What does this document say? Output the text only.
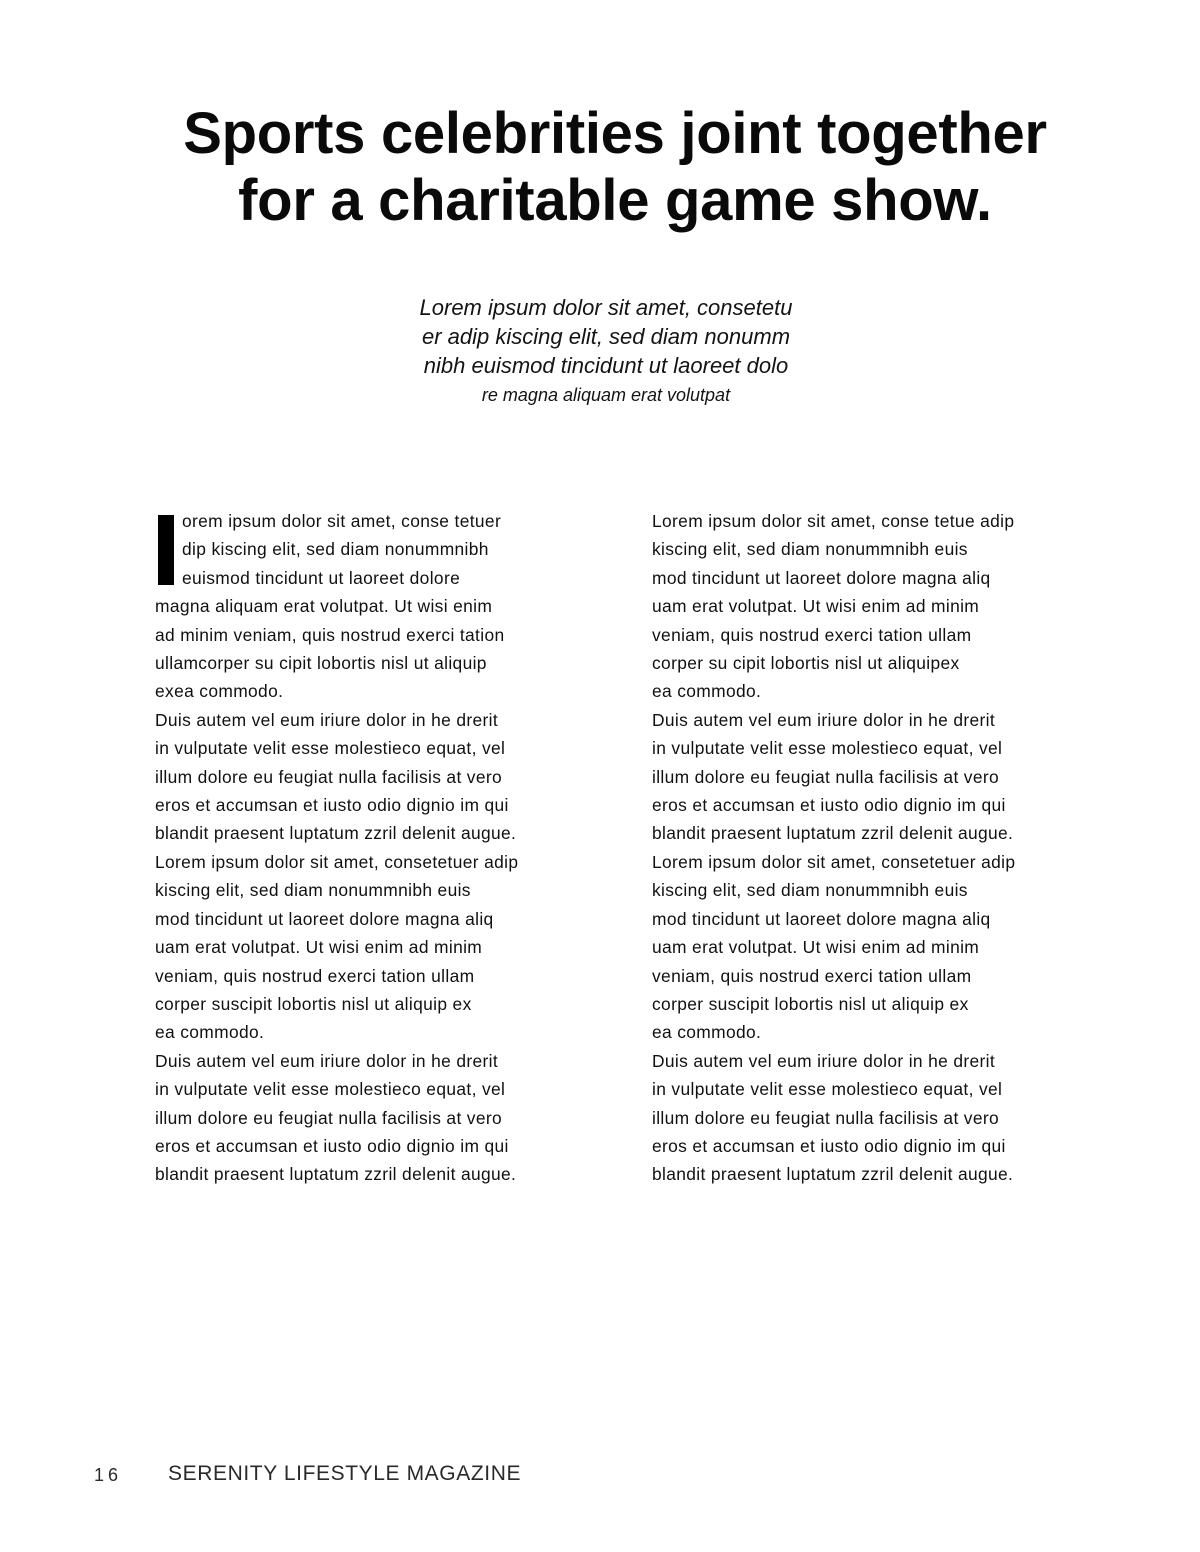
Sports celebrities joint together
for a charitable game show.
Lorem ipsum dolor sit amet, consetetu
er adip kiscing elit, sed diam nonumm
nibh euismod tincidunt ut laoreet dolo
re magna aliquam erat volutpat
orem ipsum dolor sit amet, conse tetuer
dip kiscing elit, sed diam nonummnibh
euismod tincidunt ut laoreet dolore
magna aliquam erat volutpat. Ut wisi enim
ad minim veniam, quis nostrud exerci tation
ullamcorper su cipit lobortis nisl ut aliquip
exea commodo.
Duis autem vel eum iriure dolor in he drerit
in vulputate velit esse molestieco equat, vel
illum dolore eu feugiat nulla facilisis at vero
eros et accumsan et iusto odio dignio im qui
blandit praesent luptatum zzril delenit augue.
Lorem ipsum dolor sit amet, consetetuer adip
kiscing elit, sed diam nonummnibh euis
mod tincidunt ut laoreet dolore magna aliq
uam erat volutpat. Ut wisi enim ad minim
veniam, quis nostrud exerci tation ullam
corper suscipit lobortis nisl ut aliquip ex
ea commodo.
Duis autem vel eum iriure dolor in he drerit
in vulputate velit esse molestieco equat, vel
illum dolore eu feugiat nulla facilisis at vero
eros et accumsan et iusto odio dignio im qui
blandit praesent luptatum zzril delenit augue.
Lorem ipsum dolor sit amet, conse tetue adip
kiscing elit, sed diam nonummnibh euis
mod tincidunt ut laoreet dolore magna aliq
uam erat volutpat. Ut wisi enim ad minim
veniam, quis nostrud exerci tation ullam
corper su cipit lobortis nisl ut aliquipex
ea commodo.
Duis autem vel eum iriure dolor in he drerit
in vulputate velit esse molestieco equat, vel
illum dolore eu feugiat nulla facilisis at vero
eros et accumsan et iusto odio dignio im qui
blandit praesent luptatum zzril delenit augue.
Lorem ipsum dolor sit amet, consetetuer adip
kiscing elit, sed diam nonummnibh euis
mod tincidunt ut laoreet dolore magna aliq
uam erat volutpat. Ut wisi enim ad minim
veniam, quis nostrud exerci tation ullam
corper suscipit lobortis nisl ut aliquip ex
ea commodo.
Duis autem vel eum iriure dolor in he drerit
in vulputate velit esse molestieco equat, vel
illum dolore eu feugiat nulla facilisis at vero
eros et accumsan et iusto odio dignio im qui
blandit praesent luptatum zzril delenit augue.
16 SERENITY LIFESTYLE MAGAZINE
